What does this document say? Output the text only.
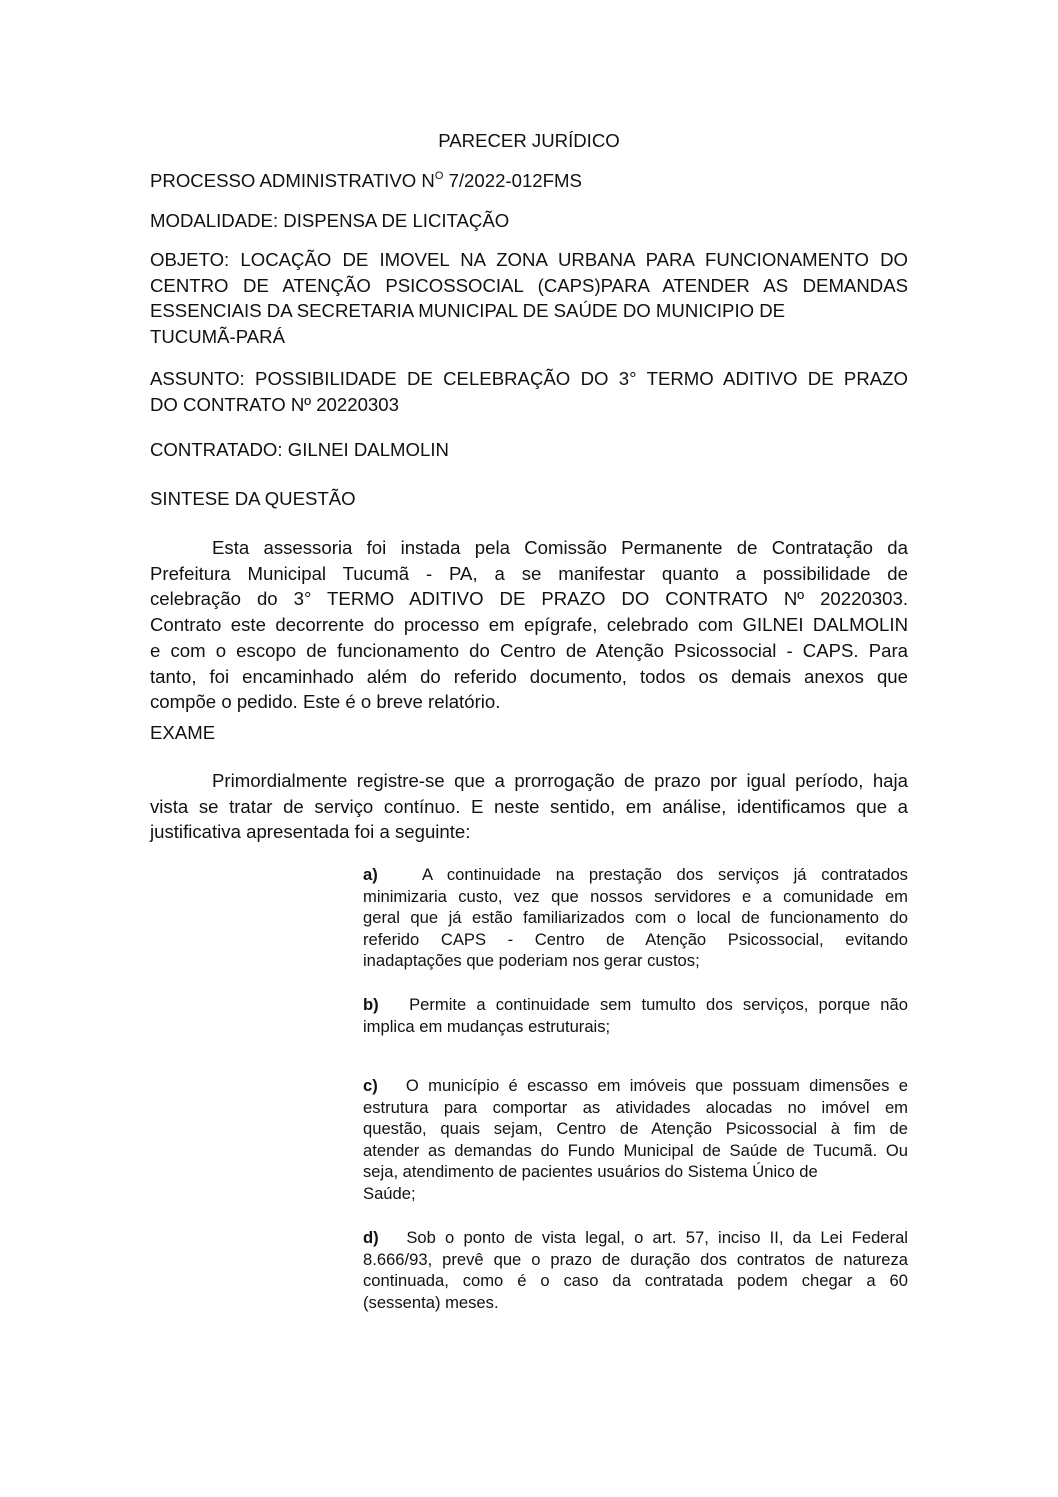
PARECER JURÍDICO
PROCESSO ADMINISTRATIVO $N^O$ 7/2022-012FMS
MODALIDADE: DISPENSA DE LICITAÇÃO
OBJETO: LOCAÇÃO DE IMOVEL NA ZONA URBANA PARA FUNCIONAMENTO DO
CENTRO DE ATENÇÃO PSICOSSOCIAL (CAPS)PARA ATENDER AS DEMANDAS
ESSENCIAIS DA SECRETARIA MUNICIPAL DE SAÚDE DO MUNICIPIO DE
TUCUMÃ-PARÁ
ASSUNTO: POSSIBILIDADE DE CELEBRAÇÃO DO 3° TERMO ADITIVO DE PRAZO
DO CONTRATO Nº 20220303
CONTRATADO: GILNEI DALMOLIN
SINTESE DA QUESTÃO
Esta assessoria foi instada pela Comissão Permanente de Contratação da
Prefeitura Municipal Tucumã - PA, a se manifestar quanto a possibilidade de
celebração do 3° TERMO ADITIVO DE PRAZO DO CONTRATO Nº 20220303.
Contrato este decorrente do processo em epígrafe, celebrado com GILNEI DALMOLIN
e com o escopo de funcionamento do Centro de Atenção Psicossocial - CAPS. Para
tanto, foi encaminhado além do referido documento, todos os demais anexos que
compõe o pedido. Este é o breve relatório.
EXAME
Primordialmente registre-se que a prorrogação de prazo por igual período, haja
vista se tratar de serviço contínuo. E neste sentido, em análise, identificamos que a
justificativa apresentada foi a seguinte:
a)	A continuidade na prestação dos serviços já contratados
minimizaria custo, vez que nossos servidores e a comunidade em
geral que já estão familiarizados com o local de funcionamento do
referido CAPS - Centro de Atenção Psicossocial, evitando
inadaptações que poderiam nos gerar custos;
b) Permite a continuidade sem tumulto dos serviços, porque não
implica em mudanças estruturais;
c) O município é escasso em imóveis que possuam dimensões e
estrutura para comportar as atividades alocadas no imóvel em
questão, quais sejam, Centro de Atenção Psicossocial à fim de
atender as demandas do Fundo Municipal de Saúde de Tucumã. Ou
seja, atendimento de pacientes usuários do Sistema Único de
Saúde;
d) Sob o ponto de vista legal, o art. 57, inciso II, da Lei Federal
8.666/93, prevê que o prazo de duração dos contratos de natureza
continuada, como é o caso da contratada podem chegar a 60
(sessenta) meses.
